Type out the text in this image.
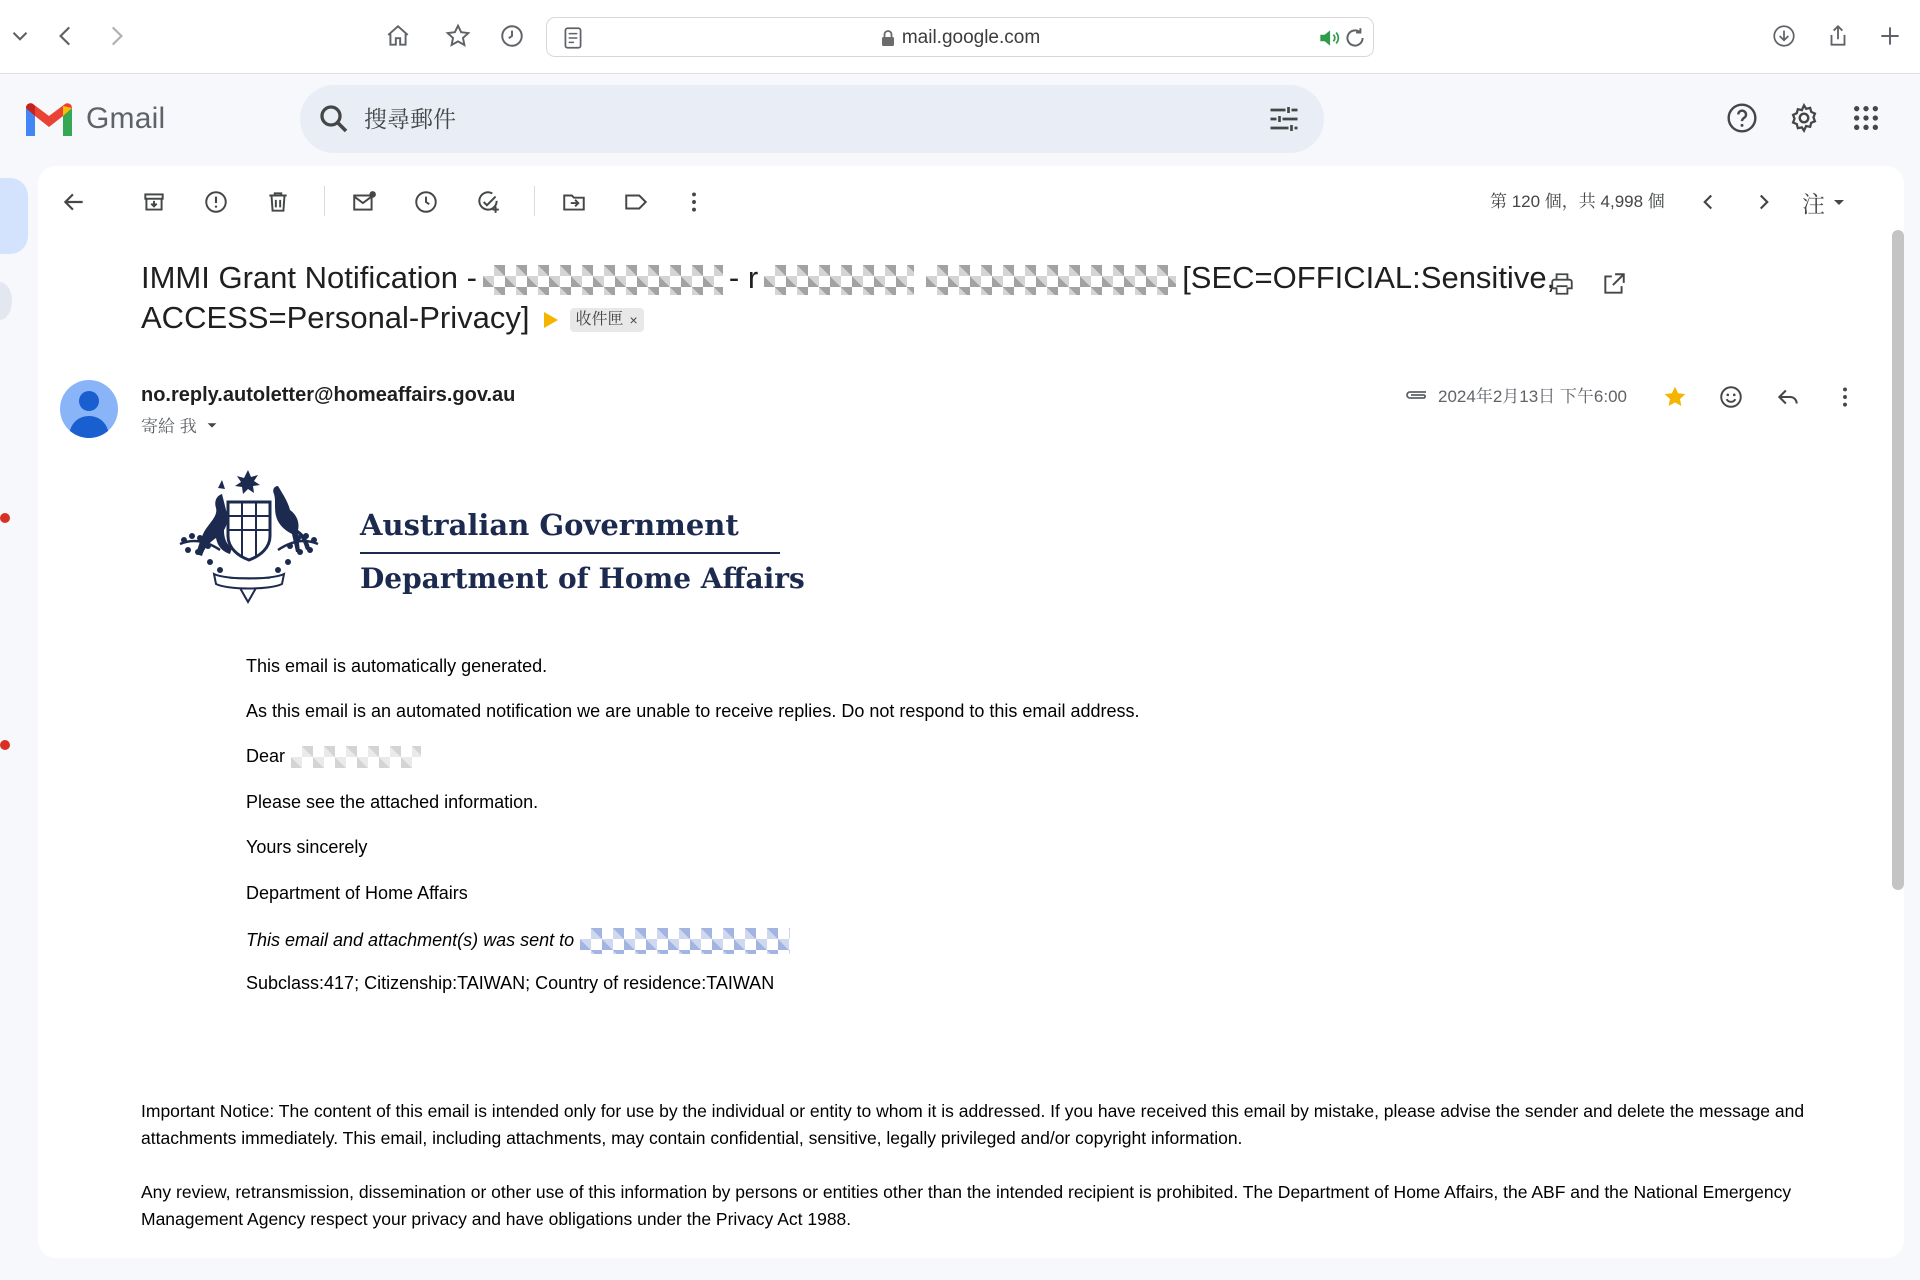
mail.google.com
Gmail
搜尋郵件
第 120 個，共 4,998 個	注
IMMI Grant Notification -	- r	[SEC=OFFICIAL:Sensitive,
ACCESS=Personal-Privacy]	收件匣 ×
no.reply.autoletter@homeaffairs.gov.au
寄給 我
2024年2月13日 下午6:00
Australian Government
Department of Home Affairs
This email is automatically generated.
As this email is an automated notification we are unable to receive replies. Do not respond to this email address.
Dear
Please see the attached information.
Yours sincerely
Department of Home Affairs
This email and attachment(s) was sent to
Subclass:417; Citizenship:TAIWAN; Country of residence:TAIWAN
Important Notice: The content of this email is intended only for use by the individual or entity to whom it is addressed. If you have received this email by mistake, please advise the sender and delete the message and attachments immediately. This email, including attachments, may contain confidential, sensitive, legally privileged and/or copyright information.
Any review, retransmission, dissemination or other use of this information by persons or entities other than the intended recipient is prohibited. The Department of Home Affairs, the ABF and the National Emergency Management Agency respect your privacy and have obligations under the Privacy Act 1988.
